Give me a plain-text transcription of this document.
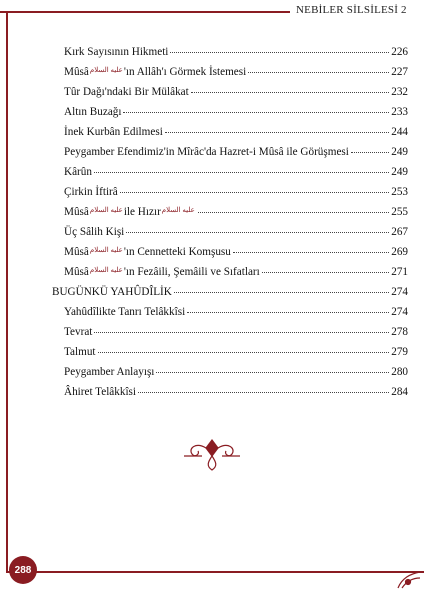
NEBİLER SİLSİLESİ 2
Kırk Sayısının Hikmeti	226
Mûsâعليه السلام'ın Allâh'ı Görmek İstemesi	227
Tûr Dağı'ndaki Bir Mülâkat	232
Altın Buzağı	233
İnek Kurbân Edilmesi	244
Peygamber Efendimiz'in Mîrâc'da Hazret-i Mûsâ ile Görüşmesi	249
Kârûn	249
Çirkin İftirâ	253
Mûsâعليه السلامile Hızırعليه السلام	255
Üç Sâlih Kişi	267
Mûsâعليه السلام'ın Cennetteki Komşusu	269
Mûsâعليه السلام'ın Fezâili, Şemâili ve Sıfatları	271
BUGÜNKÜ YAHÛDÎLİK	274
Yahûdîlikte Tanrı Telâkkîsi	274
Tevrat	278
Talmut	279
Peygamber Anlayışı	280
Âhiret Telâkkîsi	284
288
